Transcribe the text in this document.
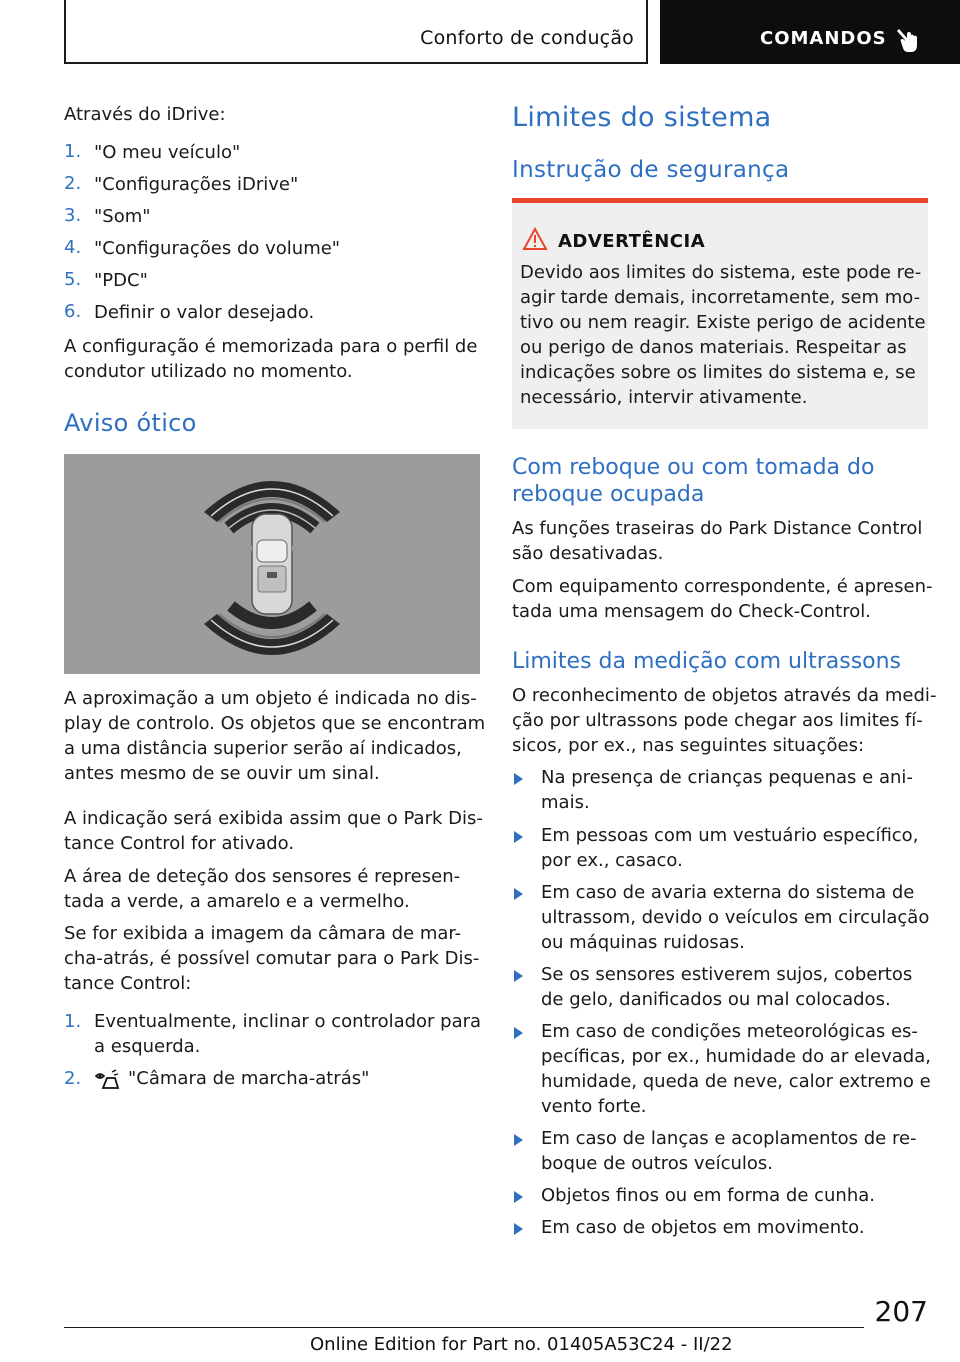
Conforto de condução	COMANDOS
Através do iDrive:
1. "O meu veículo"
2. "Configurações iDrive"
3. "Som"
4. "Configurações do volume"
5. "PDC"
6. Definir o valor desejado.
A configuração é memorizada para o perfil de
condutor utilizado no momento.
Aviso ótico
A aproximação a um objeto é indicada no dis-
play de controlo. Os objetos que se encontram
a uma distância superior serão aí indicados,
antes mesmo de se ouvir um sinal.
A indicação será exibida assim que o Park Dis-
tance Control for ativado.
A área de deteção dos sensores é represen-
tada a verde, a amarelo e a vermelho.
Se for exibida a imagem da câmara de mar-
cha-atrás, é possível comutar para o Park Dis-
tance Control:
1. Eventualmente, inclinar o controlador para
a esquerda.
2.	"Câmara de marcha-atrás"
Limites do sistema
Instrução de segurança
ADVERTÊNCIA
Devido aos limites do sistema, este pode re-
agir tarde demais, incorretamente, sem mo-
tivo ou nem reagir. Existe perigo de acidente
ou perigo de danos materiais. Respeitar as
indicações sobre os limites do sistema e, se
necessário, intervir ativamente.
Com reboque ou com tomada do
reboque ocupada
As funções traseiras do Park Distance Control
são desativadas.
Com equipamento correspondente, é apresen-
tada uma mensagem do Check-Control.
Limites da medição com ultrassons
O reconhecimento de objetos através da medi-
ção por ultrassons pode chegar aos limites fí-
sicos, por ex., nas seguintes situações:
Na presença de crianças pequenas e ani-
mais.
Em pessoas com um vestuário específico,
por ex., casaco.
Em caso de avaria externa do sistema de
ultrassom, devido o veículos em circulação
ou máquinas ruidosas.
Se os sensores estiverem sujos, cobertos
de gelo, danificados ou mal colocados.
Em caso de condições meteorológicas es-
pecíficas, por ex., humidade do ar elevada,
humidade, queda de neve, calor extremo e
vento forte.
Em caso de lanças e acoplamentos de re-
boque de outros veículos.
Objetos finos ou em forma de cunha.
Em caso de objetos em movimento.
207
Online Edition for Part no. 01405A53C24 - II/22
